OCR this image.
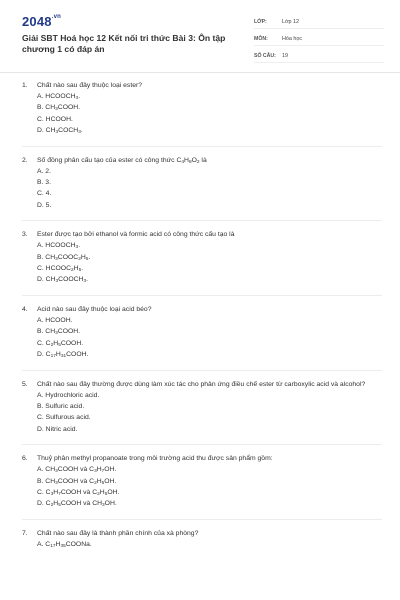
$2048^{.vn}$
Giải SBT Hoá học 12 Kết nối tri thức Bài 3: Ôn tập chương 1 có đáp án
LỚP:	Lớp 12
MÔN:	Hóa học
SỐ CÂU:	19
1.	Chất nào sau đây thuộc loại ester?
A. $HCOOCH_3$.
B. $CH_3COOH$.
C. HCOOH.
D. $CH_3COCH_3$.
2.	Số đồng phân cấu tạo của ester có công thức $C_4H_8O_2$ là
A. 2.
B. 3.
C. 4.
D. 5.
3.	Ester được tạo bởi ethanol và formic acid có công thức cấu tạo là
A. $HCOOCH_3$.
B. $CH_3COOC_2H_5$.
C. $HCOOC_2H_5$.
D. $CH_3COOCH_3$.
4.	Acid nào sau đây thuộc loại acid béo?
A. HCOOH.
B. $CH_3COOH$.
C. $C_2H_5COOH$.
D. $C_{17}H_{31}COOH$.
5.	Chất nào sau đây thường được dùng làm xúc tác cho phản ứng điều chế ester từ carboxylic acid và alcohol?
A. Hydrochloric acid.
B. Sulfuric acid.
C. Sulfurous acid.
D. Nitric acid.
6.	Thuỷ phân methyl propanoate trong môi trường acid thu được sản phẩm gồm:
A. $CH_3COOH$ và $C_3H_7OH$.
B. $CH_3COOH$ và $C_2H_5OH$.
C. $C_3H_7COOH$ và $C_2H_5OH$.
D. $C_2H_5COOH$ và $CH_3OH$.
7.	Chất nào sau đây là thành phần chính của xà phòng?
A. $C_{17}H_{35}COONa$.
